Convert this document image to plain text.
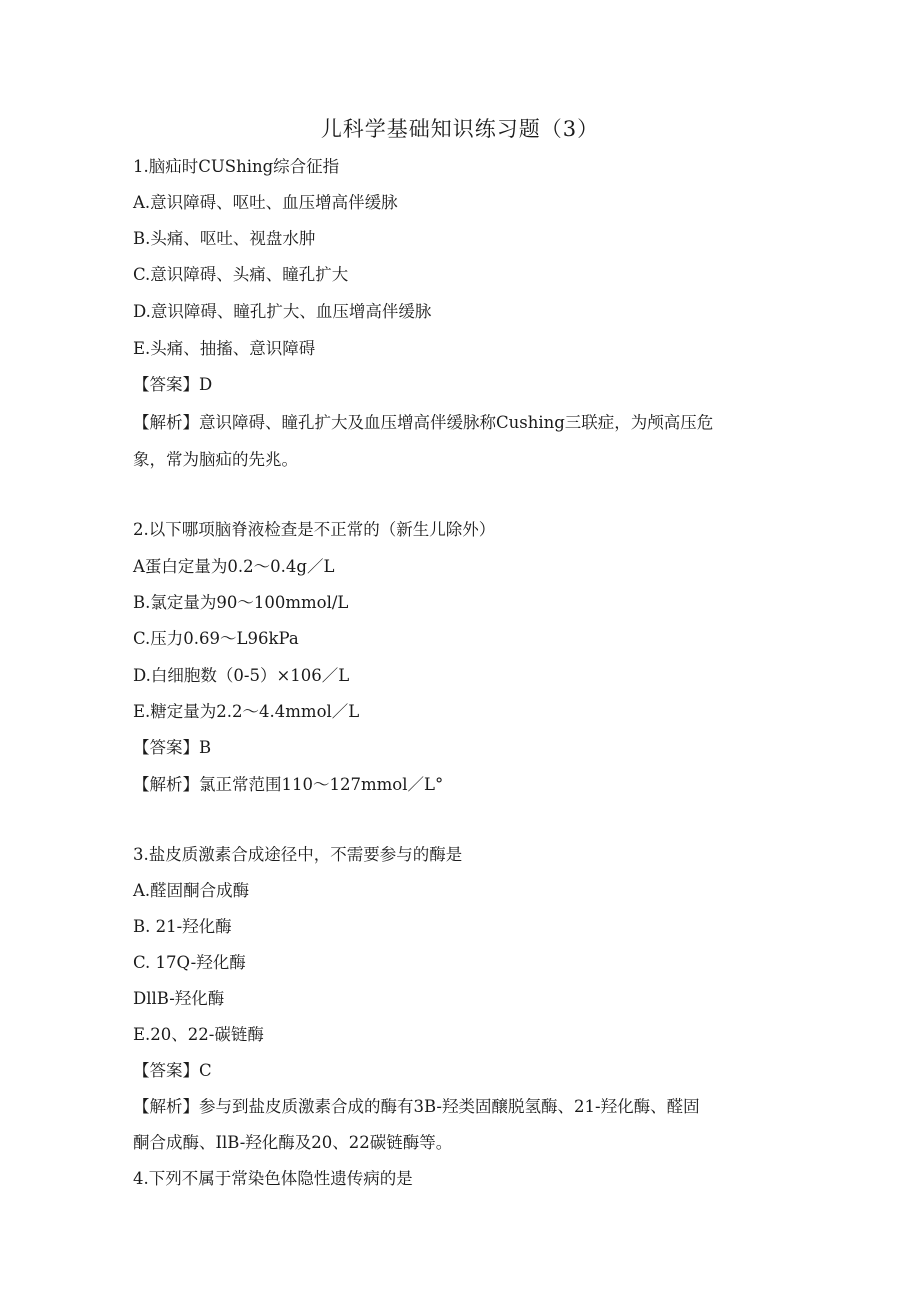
儿科学基础知识练习题（3）
1.脑疝时CUShing综合征指
A.意识障碍、呕吐、血压增高伴缓脉
B.头痛、呕吐、视盘水肿
C.意识障碍、头痛、瞳孔扩大
D.意识障碍、瞳孔扩大、血压增高伴缓脉
E.头痛、抽搐、意识障碍
【答案】D
【解析】意识障碍、瞳孔扩大及血压增高伴缓脉称Cushing三联症，为颅高压危
象，常为脑疝的先兆。
2.以下哪项脑脊液检查是不正常的（新生儿除外）
A蛋白定量为0.2～0.4g／L
B.氯定量为90～100mmol/L
C.压力0.69～L96kPa
D.白细胞数（0-5）×106／L
E.糖定量为2.2～4.4mmol／L
【答案】B
【解析】氯正常范围110～127mmol／L°
3.盐皮质激素合成途径中，不需要参与的酶是
A.醛固酮合成酶
B. 21-羟化酶
C. 17Q-羟化酶
DllB-羟化酶
E.20、22-碳链酶
【答案】C
【解析】参与到盐皮质激素合成的酶有3B-羟类固醸脱氢酶、21-羟化酶、醛固
酮合成酶、IlB-羟化酶及20、22碳链酶等。
4.下列不属于常染色体隐性遗传病的是
